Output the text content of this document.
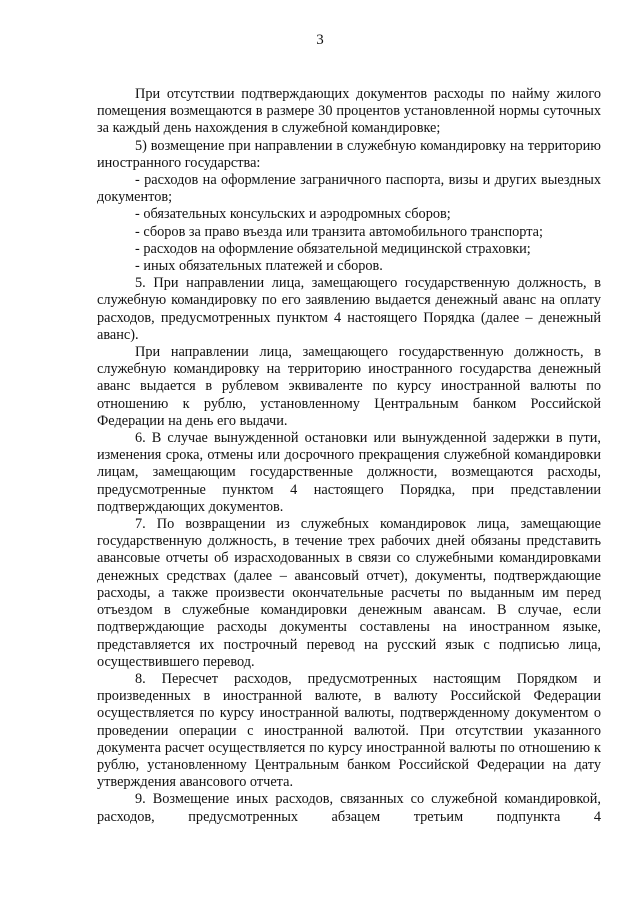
3

При отсутствии подтверждающих документов расходы по найму жилого помещения возмещаются в размере 30 процентов установленной нормы суточных за каждый день нахождения в служебной командировке;

5) возмещение при направлении в служебную командировку на территорию иностранного государства:

- расходов на оформление заграничного паспорта, визы и других выездных документов;

- обязательных консульских и аэродромных сборов;

- сборов за право въезда или транзита автомобильного транспорта;

- расходов на оформление обязательной медицинской страховки;

- иных обязательных платежей и сборов.

5. При направлении лица, замещающего государственную должность, в служебную командировку по его заявлению выдается денежный аванс на оплату расходов, предусмотренных пунктом 4 настоящего Порядка (далее – денежный аванс).

При направлении лица, замещающего государственную должность, в служебную командировку на территорию иностранного государства денежный аванс выдается в рублевом эквиваленте по курсу иностранной валюты по отношению к рублю, установленному Центральным банком Российской Федерации на день его выдачи.

6. В случае вынужденной остановки или вынужденной задержки в пути, изменения срока, отмены или досрочного прекращения служебной командировки лицам, замещающим государственные должности, возмещаются расходы, предусмотренные пунктом 4 настоящего Порядка, при представлении подтверждающих документов.

7. По возвращении из служебных командировок лица, замещающие государственную должность, в течение трех рабочих дней обязаны представить авансовые отчеты об израсходованных в связи со служебными командировками денежных средствах (далее – авансовый отчет), документы, подтверждающие расходы, а также произвести окончательные расчеты по выданным им перед отъездом в служебные командировки денежным авансам. В случае, если подтверждающие расходы документы составлены на иностранном языке, представляется их построчный перевод на русский язык с подписью лица, осуществившего перевод.

8. Пересчет расходов, предусмотренных настоящим Порядком и произведенных в иностранной валюте, в валюту Российской Федерации осуществляется по курсу иностранной валюты, подтвержденному документом о проведении операции с иностранной валютой. При отсутствии указанного документа расчет осуществляется по курсу иностранной валюты по отношению к рублю, установленному Центральным банком Российской Федерации на дату утверждения авансового отчета.

9. Возмещение иных расходов, связанных со служебной командировкой, расходов, предусмотренных абзацем третьим подпункта 4
